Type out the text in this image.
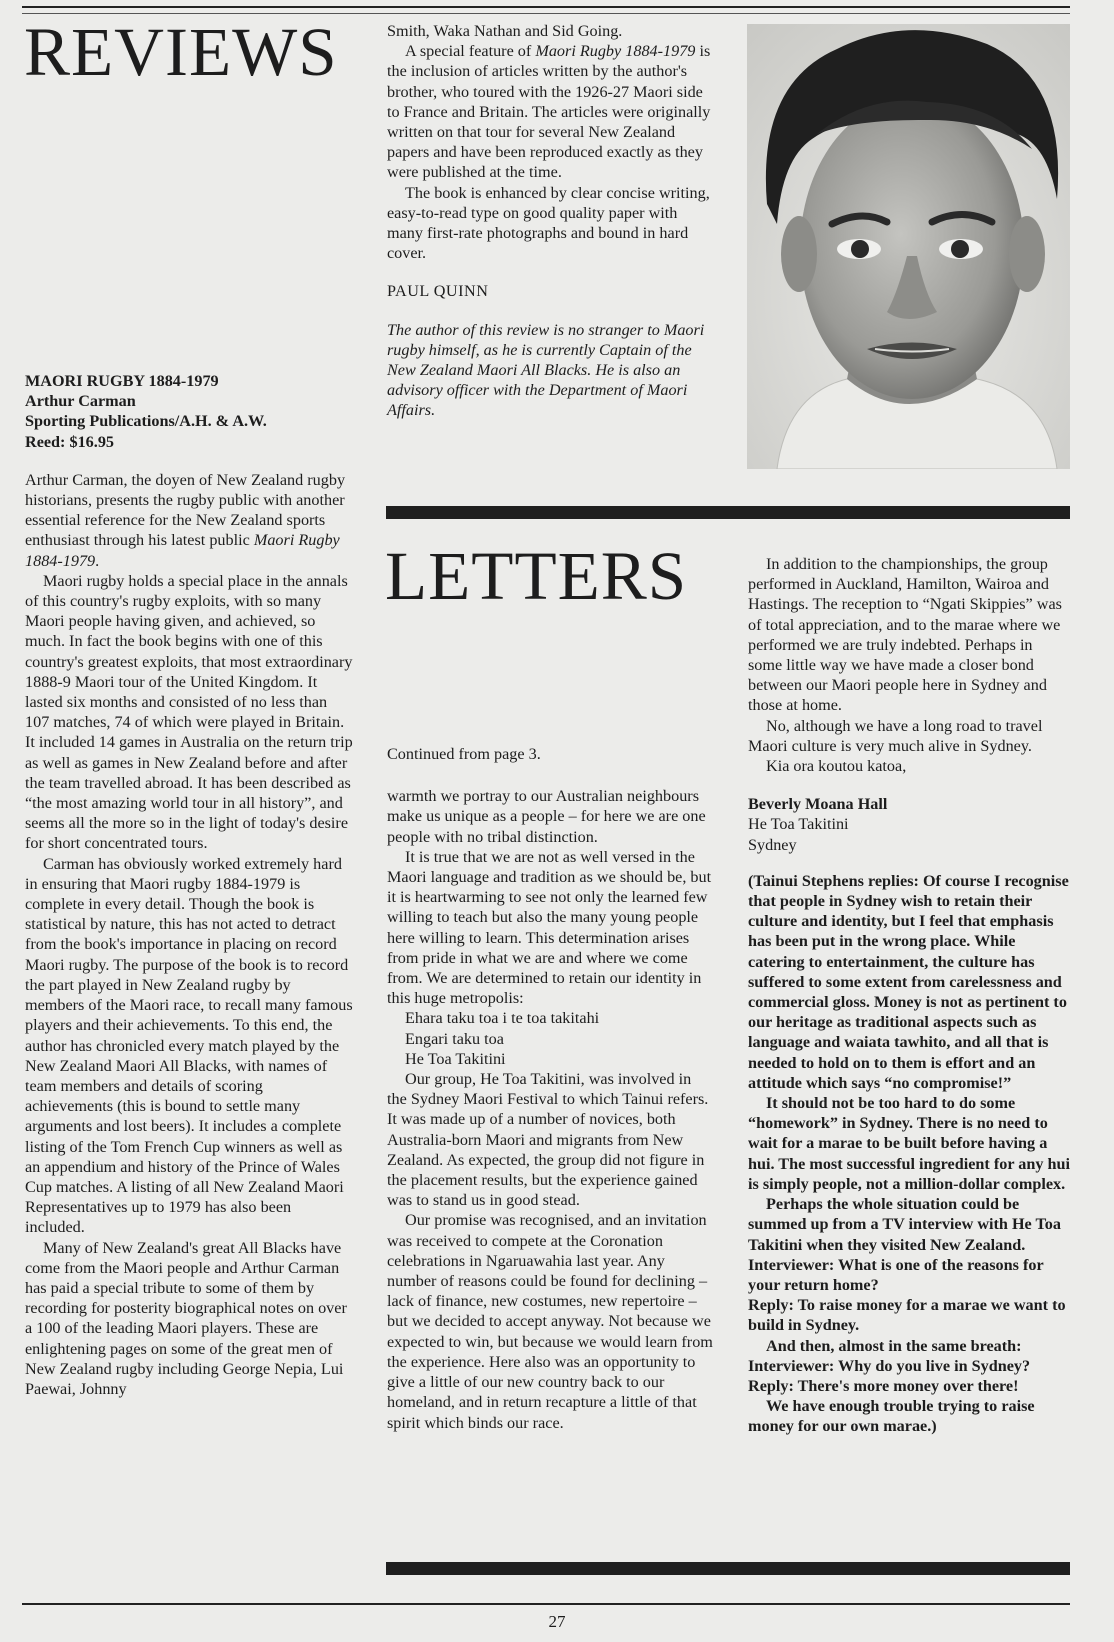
REVIEWS

MAORI RUGBY 1884-1979
Arthur Carman
Sporting Publications/A.H. & A.W.
Reed: $16.95

Arthur Carman, the doyen of New Zealand rugby historians, presents the rugby public with another essential reference for the New Zealand sports enthusiast through his latest public Maori Rugby 1884-1979.

Maori rugby holds a special place in the annals of this country's rugby exploits, with so many Maori people having given, and achieved, so much. In fact the book begins with one of this country's greatest exploits, that most extraordinary 1888-9 Maori tour of the United Kingdom. It lasted six months and consisted of no less than 107 matches, 74 of which were played in Britain. It included 14 games in Australia on the return trip as well as games in New Zealand before and after the team travelled abroad. It has been described as “the most amazing world tour in all history”, and seems all the more so in the light of today's desire for short concentrated tours.

Carman has obviously worked extremely hard in ensuring that Maori rugby 1884-1979 is complete in every detail. Though the book is statistical by nature, this has not acted to detract from the book's importance in placing on record Maori rugby. The purpose of the book is to record the part played in New Zealand rugby by members of the Maori race, to recall many famous players and their achievements. To this end, the author has chronicled every match played by the New Zealand Maori All Blacks, with names of team members and details of scoring achievements (this is bound to settle many arguments and lost beers). It includes a complete listing of the Tom French Cup winners as well as an appendium and history of the Prince of Wales Cup matches. A listing of all New Zealand Maori Representatives up to 1979 has also been included.

Many of New Zealand's great All Blacks have come from the Maori people and Arthur Carman has paid a special tribute to some of them by recording for posterity biographical notes on over a 100 of the leading Maori players. These are enlightening pages on some of the great men of New Zealand rugby including George Nepia, Lui Paewai, Johnny

Smith, Waka Nathan and Sid Going.

A special feature of Maori Rugby 1884-1979 is the inclusion of articles written by the author's brother, who toured with the 1926-27 Maori side to France and Britain. The articles were originally written on that tour for several New Zealand papers and have been reproduced exactly as they were published at the time.

The book is enhanced by clear concise writing, easy-to-read type on good quality paper with many first-rate photographs and bound in hard cover.

PAUL QUINN

The author of this review is no stranger to Maori rugby himself, as he is currently Captain of the New Zealand Maori All Blacks. He is also an advisory officer with the Department of Maori Affairs.

LETTERS

Continued from page 3.

warmth we portray to our Australian neighbours make us unique as a people – for here we are one people with no tribal distinction.

It is true that we are not as well versed in the Maori language and tradition as we should be, but it is heartwarming to see not only the learned few willing to teach but also the many young people here willing to learn. This determination arises from pride in what we are and where we come from. We are determined to retain our identity in this huge metropolis:

Ehara taku toa i te toa takitahi

Engari taku toa

He Toa Takitini

Our group, He Toa Takitini, was involved in the Sydney Maori Festival to which Tainui refers. It was made up of a number of novices, both Australia-born Maori and migrants from New Zealand. As expected, the group did not figure in the placement results, but the experience gained was to stand us in good stead.

Our promise was recognised, and an invitation was received to compete at the Coronation celebrations in Ngaruawahia last year. Any number of reasons could be found for declining – lack of finance, new costumes, new repertoire – but we decided to accept anyway. Not because we expected to win, but because we would learn from the experience. Here also was an opportunity to give a little of our new country back to our homeland, and in return recapture a little of that spirit which binds our race.

In addition to the championships, the group performed in Auckland, Hamilton, Wairoa and Hastings. The reception to “Ngati Skippies” was of total appreciation, and to the marae where we performed we are truly indebted. Perhaps in some little way we have made a closer bond between our Maori people here in Sydney and those at home.

No, although we have a long road to travel Maori culture is very much alive in Sydney.

Kia ora koutou katoa,

Beverly Moana Hall

He Toa Takitini

Sydney

(Tainui Stephens replies: Of course I recognise that people in Sydney wish to retain their culture and identity, but I feel that emphasis has been put in the wrong place. While catering to entertainment, the culture has suffered to some extent from carelessness and commercial gloss. Money is not as pertinent to our heritage as traditional aspects such as language and waiata tawhito, and all that is needed to hold on to them is effort and an attitude which says “no compromise!”

It should not be too hard to do some “homework” in Sydney. There is no need to wait for a marae to be built before having a hui. The most successful ingredient for any hui is simply people, not a million-dollar complex.

Perhaps the whole situation could be summed up from a TV interview with He Toa Takitini when they visited New Zealand.

Interviewer: What is one of the reasons for your return home?

Reply: To raise money for a marae we want to build in Sydney.

And then, almost in the same breath:

Interviewer: Why do you live in Sydney?

Reply: There's more money over there!

We have enough trouble trying to raise money for our own marae.)

27
